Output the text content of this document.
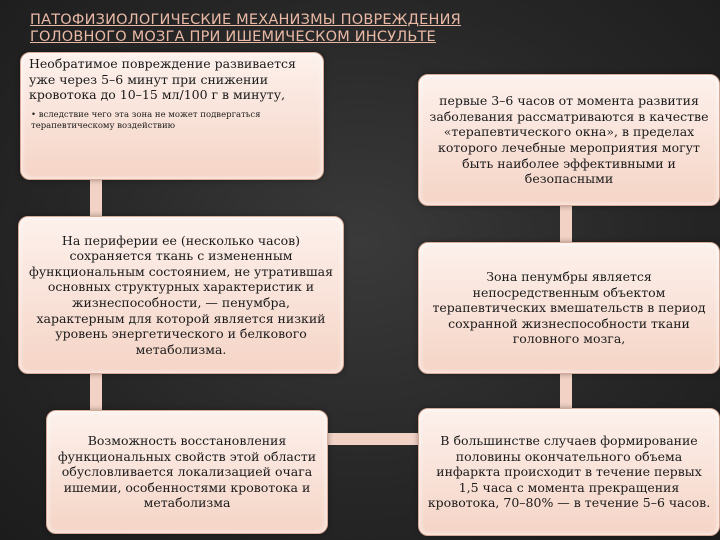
ПАТОФИЗИОЛОГИЧЕСКИЕ МЕХАНИЗМЫ ПОВРЕЖДЕНИЯ ГОЛОВНОГО МОЗГА ПРИ ИШЕМИЧЕСКОМ ИНСУЛЬТЕ
Необратимое повреждение развивается уже через 5–6 минут при снижении кровотока до 10–15 мл/100 г в минуту,
• вследствие чего эта зона не может подвергаться терапевтическому воздействию
На периферии ее (несколько часов) сохраняется ткань с измененным функциональным состоянием, не утратившая основных структурных характеристик и жизнеспособности, — пенумбра, характерным для которой является низкий уровень энергетического и белкового метаболизма.
Возможность восстановления функциональных свойств этой области обусловливается локализацией очага ишемии, особенностями кровотока и метаболизма
первые 3–6 часов от момента развития заболевания рассматриваются в качестве «терапевтического окна», в пределах которого лечебные мероприятия могут быть наиболее эффективными и безопасными
Зона пенумбры является непосредственным объектом терапевтических вмешательств в период сохранной жизнеспособности ткани головного мозга,
В большинстве случаев формирование половины окончательного объема инфаркта происходит в течение первых 1,5 часа с момента прекращения кровотока, 70–80% — в течение 5–6 часов.
